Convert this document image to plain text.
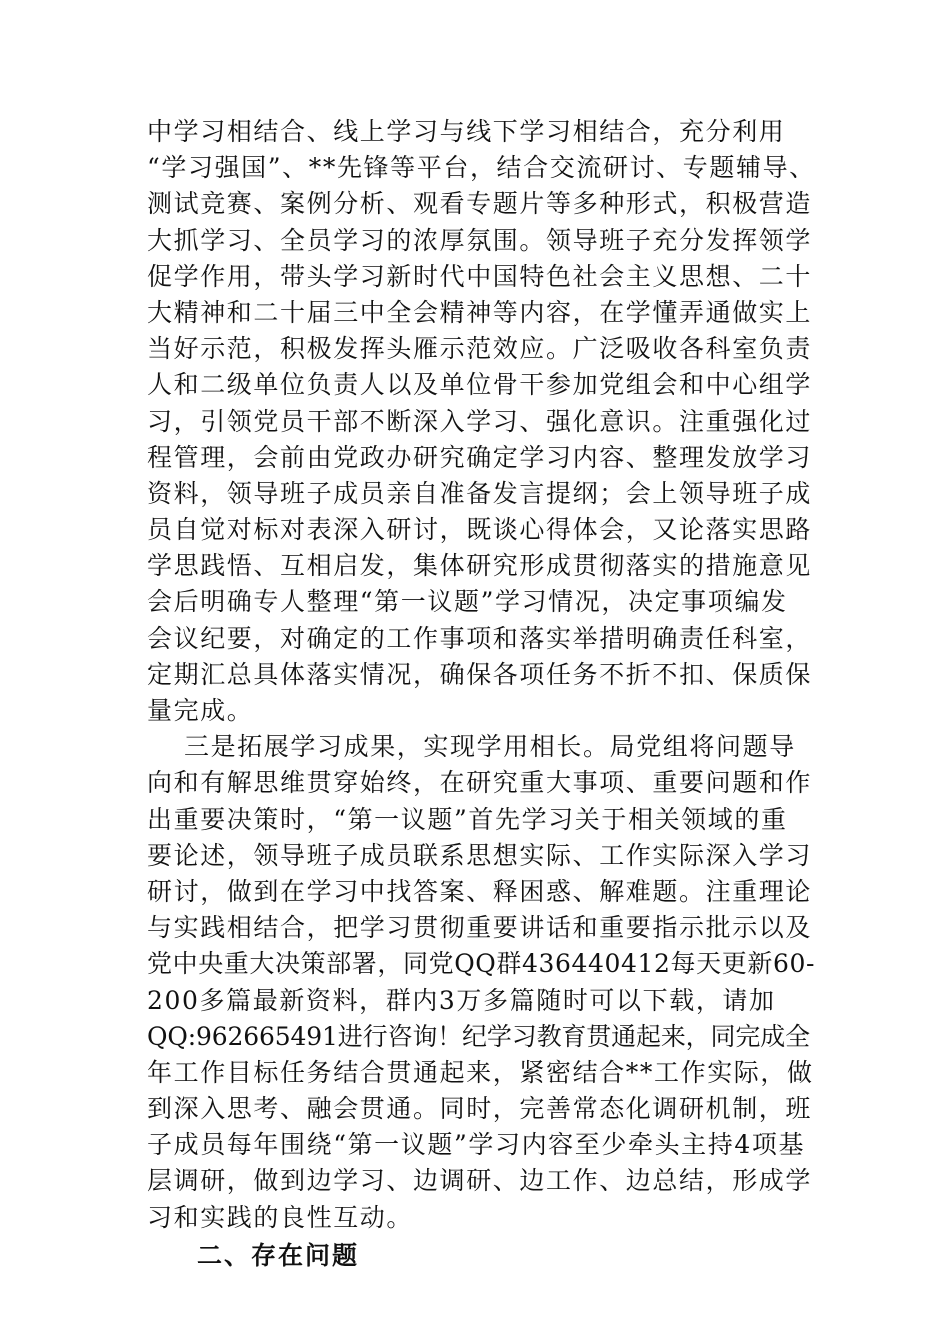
中学习相结合、线上学习与线下学习相结合，充分利用
“学习强国”、**先锋等平台，结合交流研讨、专题辅导、
测试竞赛、案例分析、观看专题片等多种形式，积极营造
大抓学习、全员学习的浓厚氛围。领导班子充分发挥领学
促学作用，带头学习新时代中国特色社会主义思想、二十
大精神和二十届三中全会精神等内容，在学懂弄通做实上
当好示范，积极发挥头雁示范效应。广泛吸收各科室负责
人和二级单位负责人以及单位骨干参加党组会和中心组学
习，引领党员干部不断深入学习、强化意识。注重强化过
程管理，会前由党政办研究确定学习内容、整理发放学习
资料，领导班子成员亲自准备发言提纲；会上领导班子成
员自觉对标对表深入研讨，既谈心得体会，又论落实思路
学思践悟、互相启发，集体研究形成贯彻落实的措施意见
会后明确专人整理“第一议题”学习情况，决定事项编发
会议纪要，对确定的工作事项和落实举措明确责任科室，
定期汇总具体落实情况，确保各项任务不折不扣、保质保
量完成。
三是拓展学习成果，实现学用相长。局党组将问题导
向和有解思维贯穿始终，在研究重大事项、重要问题和作
出重要决策时，“第一议题”首先学习关于相关领域的重
要论述，领导班子成员联系思想实际、工作实际深入学习
研讨，做到在学习中找答案、释困惑、解难题。注重理论
与实践相结合，把学习贯彻重要讲话和重要指示批示以及
党中央重大决策部署，同党QQ群436440412每天更新60-
200多篇最新资料，群内3万多篇随时可以下载，请加
QQ:962665491进行咨询！纪学习教育贯通起来，同完成全
年工作目标任务结合贯通起来，紧密结合**工作实际，做
到深入思考、融会贯通。同时，完善常态化调研机制，班
子成员每年围绕“第一议题”学习内容至少牵头主持4项基
层调研，做到边学习、边调研、边工作、边总结，形成学
习和实践的良性互动。
二、存在问题
